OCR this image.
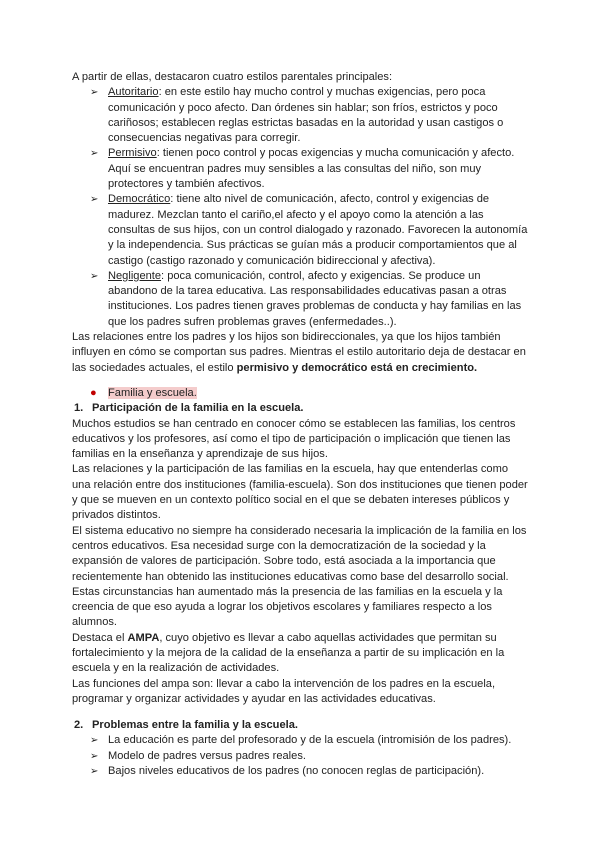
A partir de ellas, destacaron cuatro estilos parentales principales:

➢ Autoritario: en este estilo hay mucho control y muchas exigencias, pero poca comunicación y poco afecto. Dan órdenes sin hablar; son fríos, estrictos y poco cariñosos; establecen reglas estrictas basadas en la autoridad y usan castigos o consecuencias negativas para corregir.
➢ Permisivo: tienen poco control y pocas exigencias y mucha comunicación y afecto. Aquí se encuentran padres muy sensibles a las consultas del niño, son muy protectores y también afectivos.
➢ Democrático: tiene alto nivel de comunicación, afecto, control y exigencias de madurez. Mezclan tanto el cariño,el afecto y el apoyo como la atención a las consultas de sus hijos, con un control dialogado y razonado. Favorecen la autonomía y la independencia. Sus prácticas se guían más a producir comportamientos que al castigo (castigo razonado y comunicación bidireccional y afectiva).
➢ Negligente: poca comunicación, control, afecto y exigencias. Se produce un abandono de la tarea educativa. Las responsabilidades educativas pasan a otras instituciones. Los padres tienen graves problemas de conducta y hay familias en las que los padres sufren problemas graves (enfermedades..).

Las relaciones entre los padres y los hijos son bidireccionales, ya que los hijos también influyen en cómo se comportan sus padres. Mientras el estilo autoritario deja de destacar en las sociedades actuales, el estilo permisivo y democrático está en crecimiento.

● Familia y escuela.
1. Participación de la familia en la escuela.

Muchos estudios se han centrado en conocer cómo se establecen las familias, los centros educativos y los profesores, así como el tipo de participación o implicación que tienen las familias en la enseñanza y aprendizaje de sus hijos.

Las relaciones y la participación de las familias en la escuela, hay que entenderlas como una relación entre dos instituciones (familia-escuela). Son dos instituciones que tienen poder y que se mueven en un contexto político social en el que se debaten intereses públicos y privados distintos.

El sistema educativo no siempre ha considerado necesaria la implicación de la familia en los centros educativos. Esa necesidad surge con la democratización de la sociedad y la expansión de valores de participación. Sobre todo, está asociada a la importancia que recientemente han obtenido las instituciones educativas como base del desarrollo social. Estas circunstancias han aumentado más la presencia de las familias en la escuela y la creencia de que eso ayuda a lograr los objetivos escolares y familiares respecto a los alumnos.

Destaca el AMPA, cuyo objetivo es llevar a cabo aquellas actividades que permitan su fortalecimiento y la mejora de la calidad de la enseñanza a partir de su implicación en la escuela y en la realización de actividades.

Las funciones del ampa son: llevar a cabo la intervención de los padres en la escuela, programar y organizar actividades y ayudar en las actividades educativas.

2. Problemas entre la familia y la escuela.
➢ La educación es parte del profesorado y de la escuela (intromisión de los padres).
➢ Modelo de padres versus padres reales.
➢ Bajos niveles educativos de los padres (no conocen reglas de participación).
